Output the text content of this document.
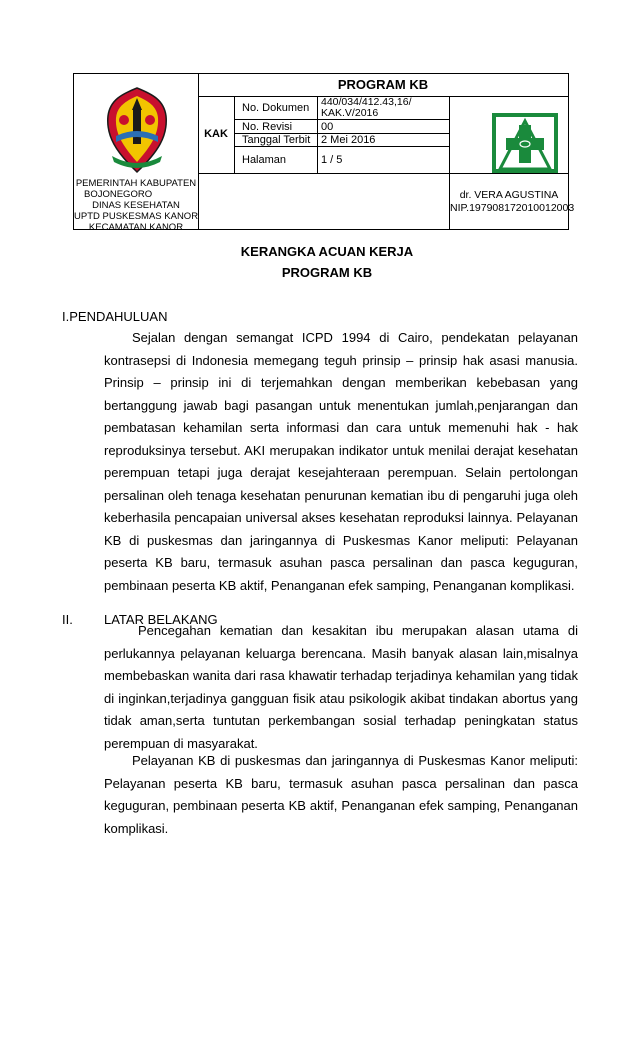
PEMERINTAH KABUPATEN
BOJONEGORO
DINAS KESEHATAN
UPTD PUSKESMAS KANOR
KECAMATAN KANOR
PROGRAM KB
KAK
No. Dokumen 440/034/412.43,16/
KAK.V/2016
No. Revisi	00
Tanggal Terbit 2 Mei 2016
Halaman	1 / 5
dr. VERA AGUSTINA
NIP.197908172010012003
KERANGKA ACUAN KERJA
PROGRAM KB
I.PENDAHULUAN
Sejalan dengan semangat ICPD 1994 di Cairo, pendekatan pelayanan kontrasepsi di Indonesia memegang teguh prinsip – prinsip hak asasi manusia. Prinsip – prinsip ini di terjemahkan dengan memberikan kebebasan yang bertanggung jawab bagi pasangan untuk menentukan jumlah,penjarangan dan pembatasan kehamilan serta informasi dan cara untuk memenuhi hak - hak reproduksinya tersebut. AKI merupakan indikator untuk menilai derajat kesehatan perempuan tetapi juga derajat kesejahteraan perempuan. Selain pertolongan persalinan oleh tenaga kesehatan penurunan kematian ibu di pengaruhi juga oleh keberhasila pencapaian universal akses kesehatan reproduksi lainnya. Pelayanan KB di puskesmas dan jaringannya di Puskesmas Kanor meliputi: Pelayanan peserta KB baru, termasuk asuhan pasca persalinan dan pasca keguguran, pembinaan peserta KB aktif, Penanganan efek samping, Penanganan komplikasi.
II. LATAR BELAKANG
Pencegahan kematian dan kesakitan ibu merupakan alasan utama di perlukannya pelayanan keluarga berencana. Masih banyak alasan lain,misalnya membebaskan wanita dari rasa khawatir terhadap terjadinya kehamilan yang tidak di inginkan,terjadinya gangguan fisik atau psikologik akibat tindakan abortus yang tidak aman,serta tuntutan perkembangan sosial terhadap peningkatan status perempuan di masyarakat.
Pelayanan KB di puskesmas dan jaringannya di Puskesmas Kanor meliputi: Pelayanan peserta KB baru, termasuk asuhan pasca persalinan dan pasca keguguran, pembinaan peserta KB aktif, Penanganan efek samping, Penanganan komplikasi.
